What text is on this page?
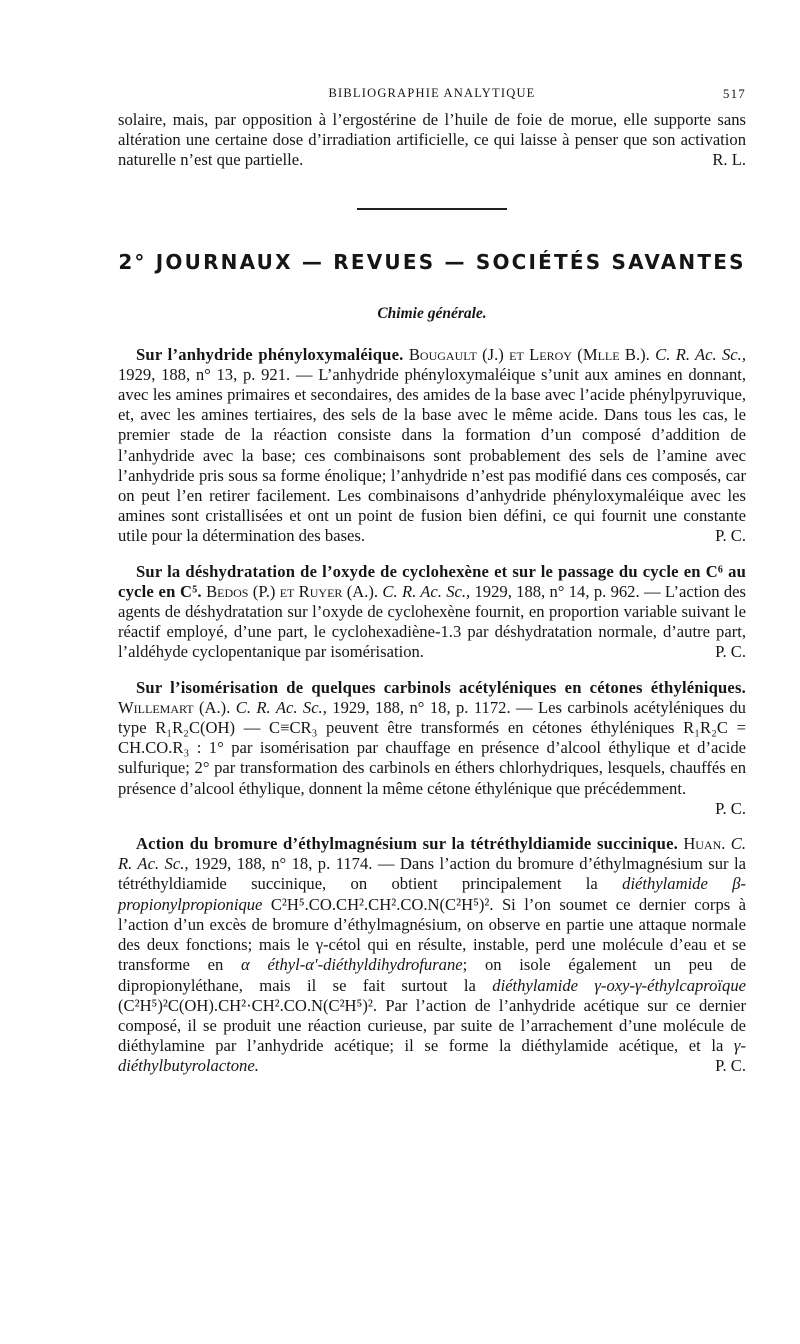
BIBLIOGRAPHIE ANALYTIQUE	517

solaire, mais, par opposition à l’ergostérine de l’huile de foie de morue, elle supporte sans altération une certaine dose d’irradiation artificielle, ce qui laisse à penser que son activation naturelle n’est que partielle.	R. L.

2° JOURNAUX — REVUES — SOCIÉTÉS SAVANTES
Chimie générale.

Sur l’anhydride phényloxymaléique. Bougault (J.) et Leroy (Mlle B.). C. R. Ac. Sc., 1929, 188, n° 13, p. 921. — L’anhydride phényloxymaléique s’unit aux amines en donnant, avec les amines primaires et secondaires, des amides de la base avec l’acide phénylpyruvique, et, avec les amines tertiaires, des sels de la base avec le même acide. Dans tous les cas, le premier stade de la réaction consiste dans la formation d’un composé d’addition de l’anhydride avec la base; ces combinaisons sont probablement des sels de l’amine avec l’anhydride pris sous sa forme énolique; l’anhydride n’est pas modifié dans ces composés, car on peut l’en retirer facilement. Les combinaisons d’anhydride phényloxymaléique avec les amines sont cristallisées et ont un point de fusion bien défini, ce qui fournit une constante utile pour la détermination des bases.	P. C.

Sur la déshydratation de l’oxyde de cyclohexène et sur le passage du cycle en C⁶ au cycle en C⁵. Bedos (P.) et Ruyer (A.). C. R. Ac. Sc., 1929, 188, n° 14, p. 962. — L’action des agents de déshydratation sur l’oxyde de cyclohexène fournit, en proportion variable suivant le réactif employé, d’une part, le cyclohexadiène-1.3 par déshydratation normale, d’autre part, l’aldéhyde cyclopentanique par isomérisation.	P. C.

Sur l’isomérisation de quelques carbinols acétyléniques en cétones éthyléniques. Willemart (A.). C. R. Ac. Sc., 1929, 188, n° 18, p. 1172. — Les carbinols acétyléniques du type R₁R₂C(OH) — C≡CR₃ peuvent être transformés en cétones éthyléniques R₁R₂C = CH.CO.R₃ : 1° par isomérisation par chauffage en présence d’alcool éthylique et d’acide sulfurique; 2° par transformation des carbinols en éthers chlorhydriques, lesquels, chauffés en présence d’alcool éthylique, donnent la même cétone éthylénique que précédemment.
P. C.

Action du bromure d’éthylmagnésium sur la tétréthyldiamide succinique. Huan. C. R. Ac. Sc., 1929, 188, n° 18, p. 1174. — Dans l’action du bromure d’éthylmagnésium sur la tétréthyldiamide succinique, on obtient principalement la diéthylamide β-propionylpropionique C²H⁵.CO.CH².CH².CO.N(C²H⁵)². Si l’on soumet ce dernier corps à l’action d’un excès de bromure d’éthylmagnésium, on observe en partie une attaque normale des deux fonctions; mais le γ-cétol qui en résulte, instable, perd une molécule d’eau et se transforme en α éthyl-α′-diéthyldihydrofurane; on isole également un peu de dipropionyléthane, mais il se fait surtout la diéthylamide γ-oxy-γ-éthylcaproïque (C²H⁵)²C(OH).CH²·CH².CO.N(C²H⁵)². Par l’action de l’anhydride acétique sur ce dernier composé, il se produit une réaction curieuse, par suite de l’arrachement d’une molécule de diéthylamine par l’anhydride acétique; il se forme la diéthylamide acétique, et la γ-diéthylbutyrolactone.	P. C.
